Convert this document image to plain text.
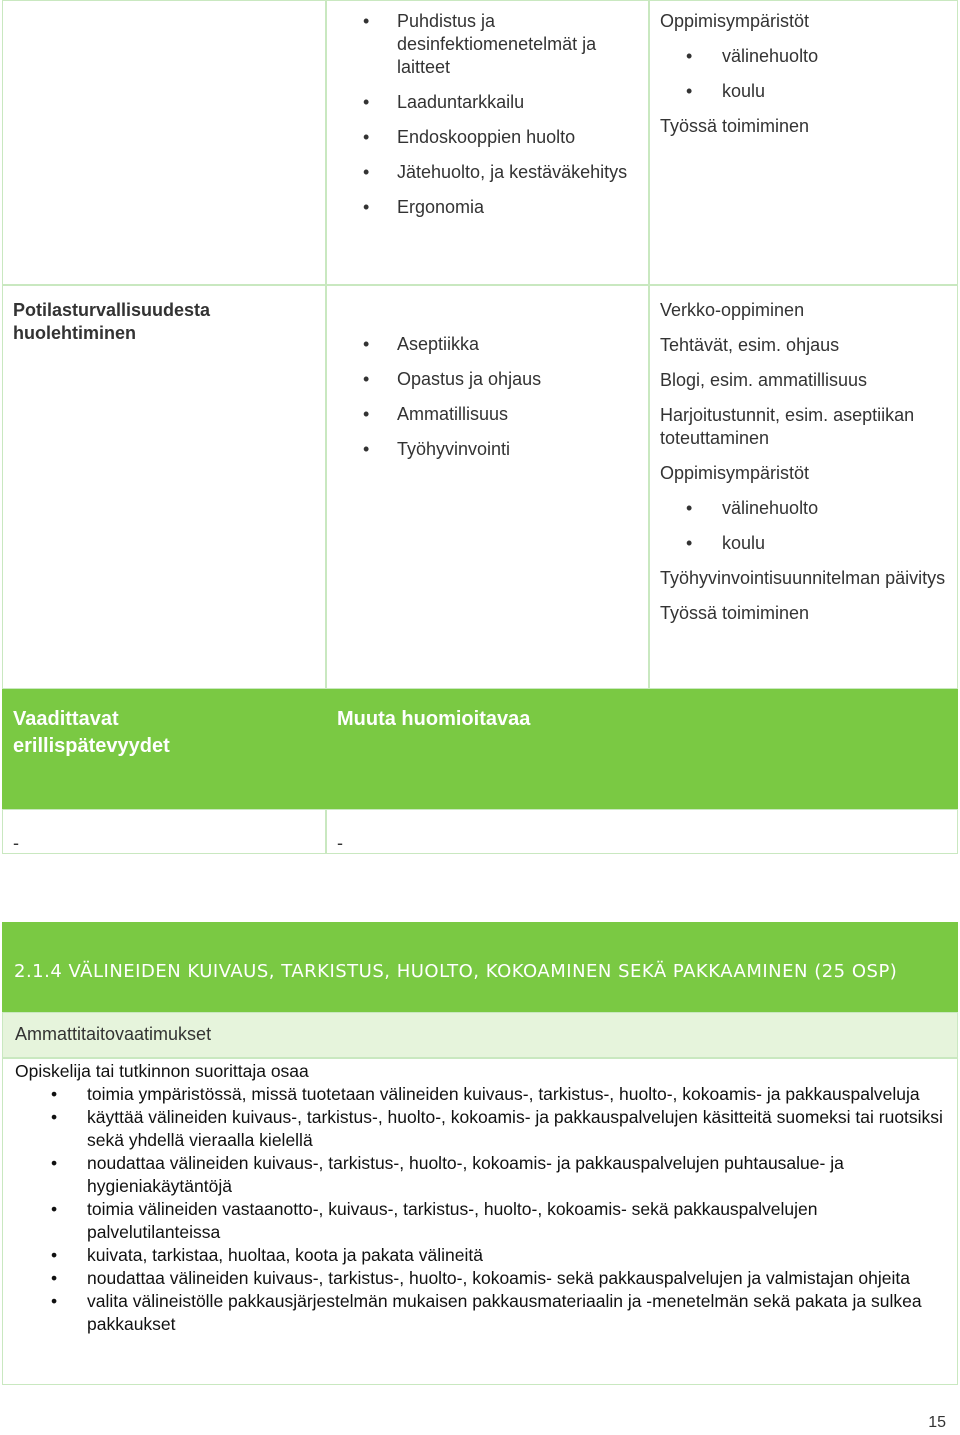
• Puhdistus ja desinfektiomenetelmät ja laitteet
• Laaduntarkkailu
• Endoskooppien huolto
• Jätehuolto, ja kestäväkehitys
• Ergonomia
Oppimisympäristöt
• välinehuolto
• koulu
Työssä toimiminen
Potilasturvallisuudesta huolehtiminen
• Aseptiikka
• Opastus ja ohjaus
• Ammatillisuus
• Työhyvinvointi
Verkko-oppiminen
Tehtävät, esim. ohjaus
Blogi, esim. ammatillisuus
Harjoitustunnit, esim. aseptiikan toteuttaminen
Oppimisympäristöt
• välinehuolto
• koulu
Työhyvinvointisuunnitelman päivitys
Työssä toimiminen
Vaadittavat erillispätevyydet
Muuta huomioitavaa
-	-
2.1.4 VÄLINEIDEN KUIVAUS, TARKISTUS, HUOLTO, KOKOAMINEN SEKÄ PAKKAAMINEN (25 OSP)
Ammattitaitovaatimukset
Opiskelija tai tutkinnon suorittaja osaa
• toimia ympäristössä, missä tuotetaan välineiden kuivaus-, tarkistus-, huolto-, kokoamis- ja pakkauspalveluja
• käyttää välineiden kuivaus-, tarkistus-, huolto-, kokoamis- ja pakkauspalvelujen käsitteitä suomeksi tai ruotsiksi sekä yhdellä vieraalla kielellä
• noudattaa välineiden kuivaus-, tarkistus-, huolto-, kokoamis- ja pakkauspalvelujen puhtausalue- ja hygieniakäytäntöjä
• toimia välineiden vastaanotto-, kuivaus-, tarkistus-, huolto-, kokoamis- sekä pakkauspalvelujen palvelutilanteissa
• kuivata, tarkistaa, huoltaa, koota ja pakata välineitä
• noudattaa välineiden kuivaus-, tarkistus-, huolto-, kokoamis- sekä pakkauspalvelujen ja valmistajan ohjeita
• valita välineistölle pakkausjärjestelmän mukaisen pakkausmateriaalin ja -menetelmän sekä pakata ja sulkea pakkaukset
15
